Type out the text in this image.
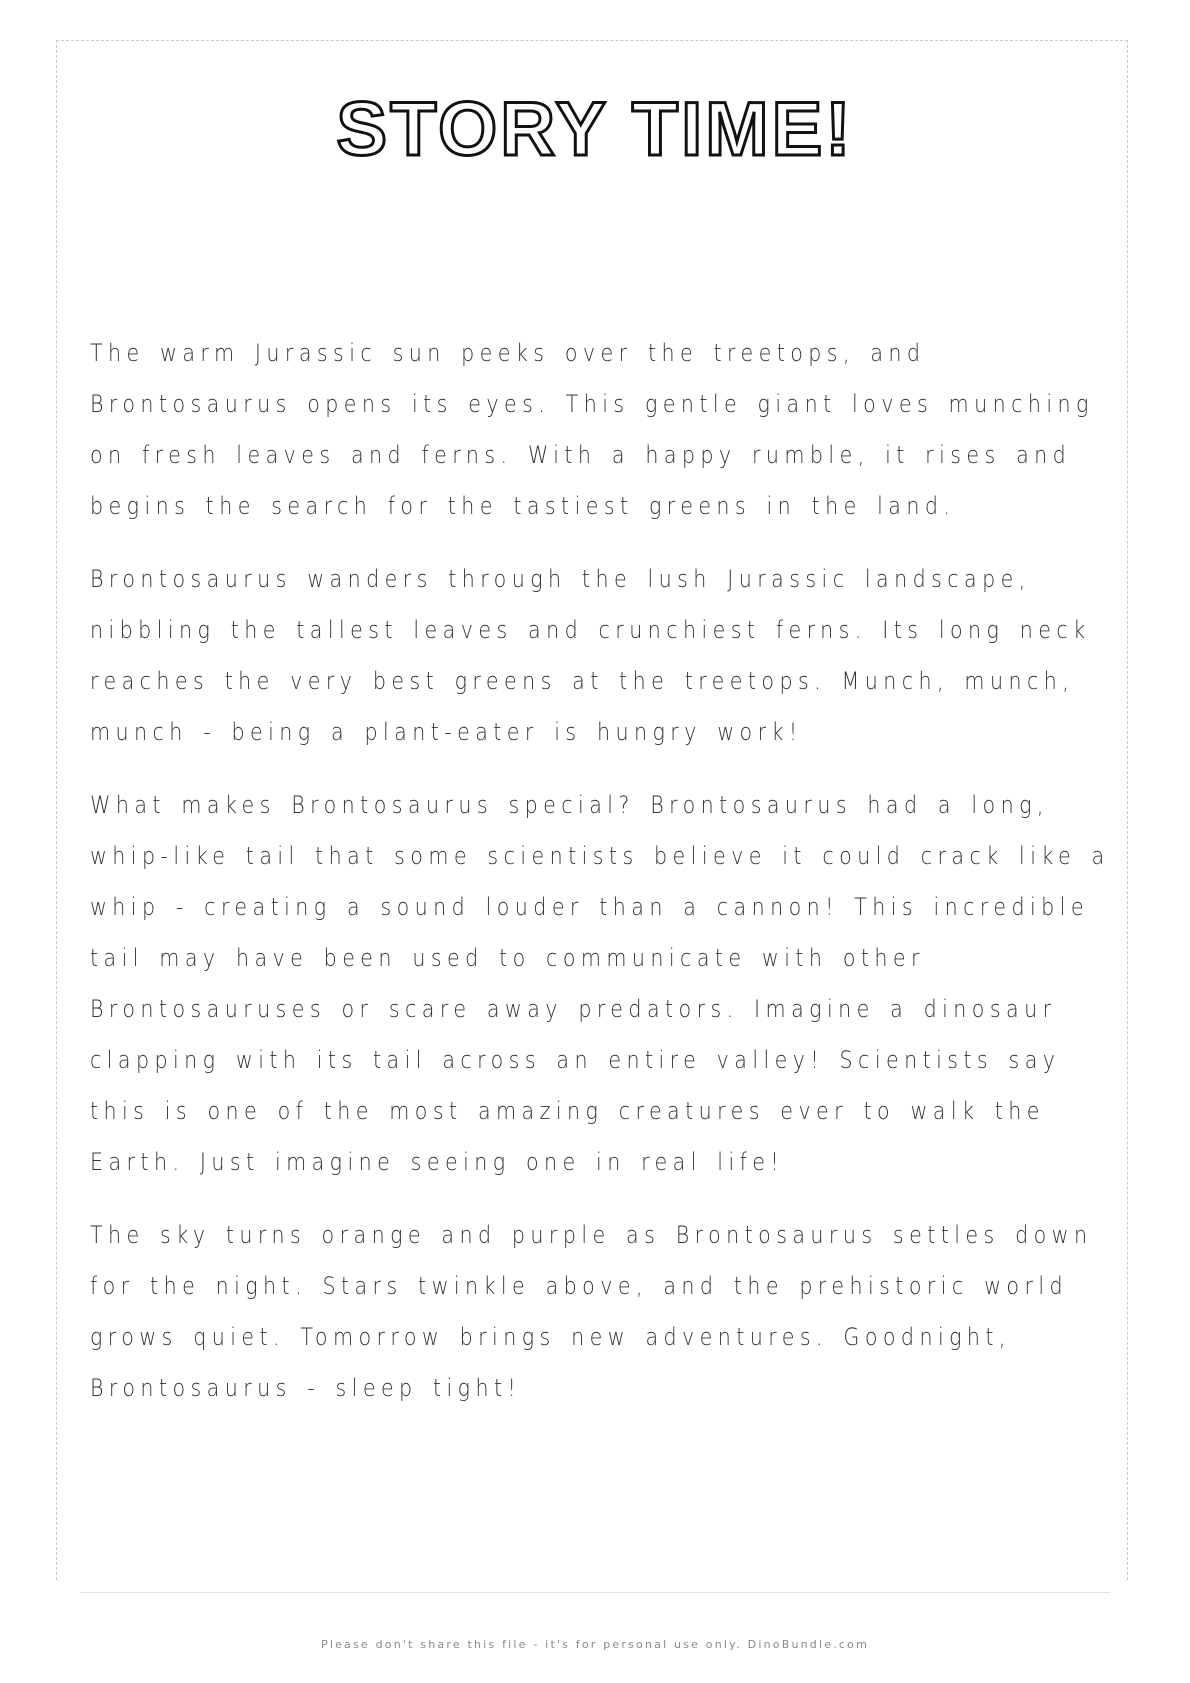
STORY TIME!

The warm Jurassic sun peeks over the treetops, and Brontosaurus opens its eyes. This gentle giant loves munching on fresh leaves and ferns. With a happy rumble, it rises and begins the search for the tastiest greens in the land.

Brontosaurus wanders through the lush Jurassic landscape, nibbling the tallest leaves and crunchiest ferns. Its long neck reaches the very best greens at the treetops. Munch, munch, munch - being a plant-eater is hungry work!

What makes Brontosaurus special? Brontosaurus had a long, whip-like tail that some scientists believe it could crack like a whip - creating a sound louder than a cannon! This incredible tail may have been used to communicate with other Brontosauruses or scare away predators. Imagine a dinosaur clapping with its tail across an entire valley! Scientists say this is one of the most amazing creatures ever to walk the Earth. Just imagine seeing one in real life!

The sky turns orange and purple as Brontosaurus settles down for the night. Stars twinkle above, and the prehistoric world grows quiet. Tomorrow brings new adventures. Goodnight, Brontosaurus - sleep tight!

Please don't share this file - it's for personal use only. DinoBundle.com
